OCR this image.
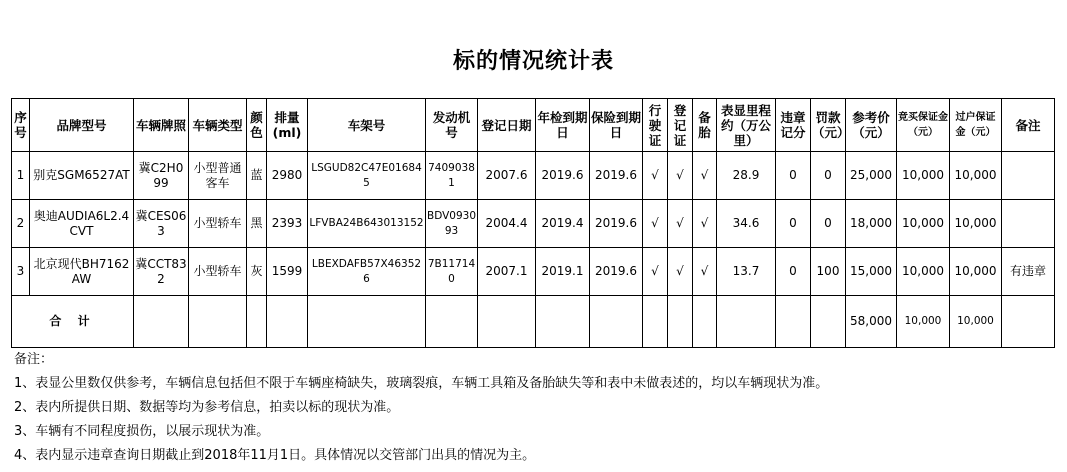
标的情况统计表
序号	品牌型号	车辆牌照	车辆类型	颜色	排量(ml)	车架号	发动机号	登记日期	年检到期日	保险到期日	行驶证	登记证	备胎	表显里程约（万公里）	违章记分	罚款（元）	参考价（元）	竞买保证金（元）	过户保证金（元）	备注
1	别克SGM6527AT	冀C2H099	小型普通客车	蓝	2980	LSGUD82C47E016845	74090381	2007.6	2019.6	2019.6	√	√	√	28.9	0	0	25,000	10,000	10,000	
2	奥迪AUDIA6L2.4CVT	冀CES063	小型轿车	黑	2393	LFVBA24B643013152	BDV093093	2004.4	2019.4	2019.6	√	√	√	34.6	0	0	18,000	10,000	10,000	
3	北京现代BH7162AW	冀CCT832	小型轿车	灰	1599	LBEXDAFB57X463526	7B117140	2007.1	2019.1	2019.6	√	√	√	13.7	0	100	15,000	10,000	10,000	有违章
合 计																	58,000	10,000	10,000	
备注：
1、表显公里数仅供参考，车辆信息包括但不限于车辆座椅缺失，玻璃裂痕，车辆工具箱及备胎缺失等和表中未做表述的，均以车辆现状为准。
2、表内所提供日期、数据等均为参考信息，拍卖以标的现状为准。
3、车辆有不同程度损伤，以展示现状为准。
4、表内显示违章查询日期截止到2018年11月1日。具体情况以交管部门出具的情况为主。
